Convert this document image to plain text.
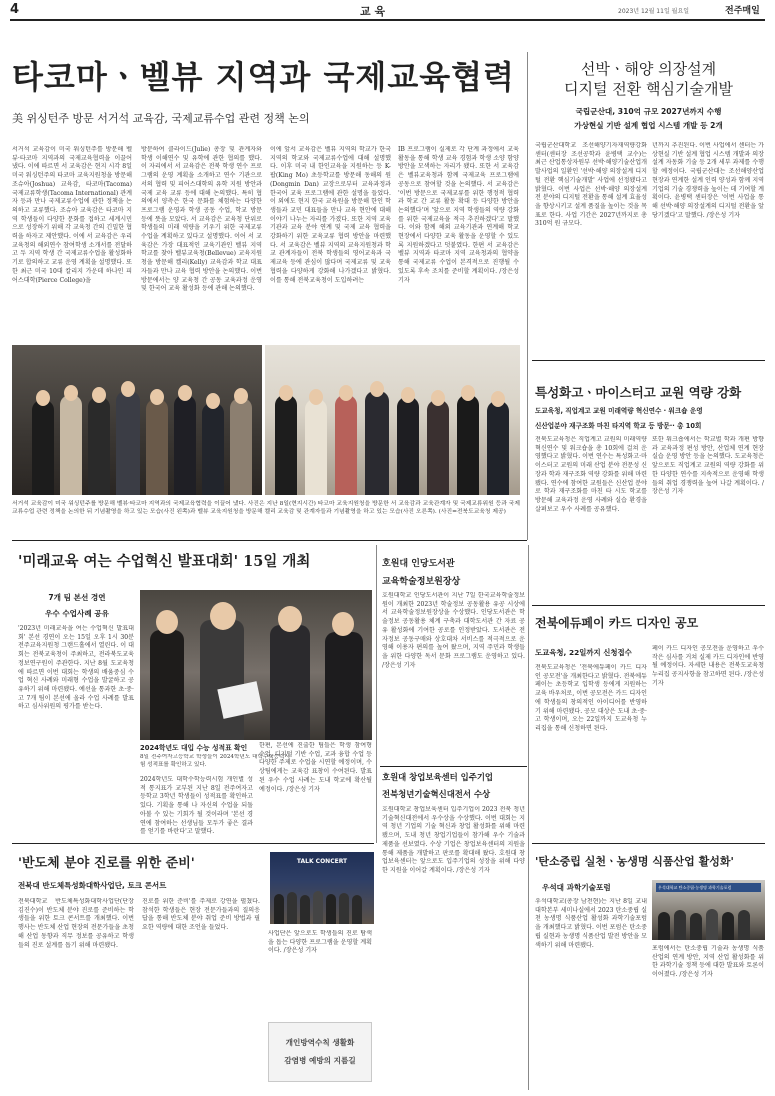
4	교 육	2023년 12월 11일 월요일	전주매일
타코마ㆍ벨뷰 지역과 국제교육협력
美 위싱턴주 방문 서거석 교육감, 국제교류수업 관련 정책 논의
서거석 교육감이 미국 워싱턴주를 방문해 벨뷰·타코마 지역과의 국제교육협력을 이끌어 냈다. 이에 따르면 서 교육감은 현지 시각 8일 미국 워싱턴주의 타코마 교육지원청을 방문해 조슈아(Joshua) 교육감, 타코마(Tacoma) 국제교류학생(Tacoma International) 관계자 등과 만나 국제교류수업에 관한 정책을 논의하고 교류했다. 조슈아 교육감은 타코마 지역 학생들이 다양한 문화를 접하고 세계시민으로 성장하기 위해 각 교육청 간의 긴밀한 협력을 하자고 제안했다. 이에 서 교육감은 우리 교육청의 해외연수 참여학생 소개서를 전달하고 두 지역 학생 간 국제교류수업을 활성화하기로 합의하고 교류 운영 계획을 설명했다. 또한 최근 미국 10대 칼리지 가운데 하나인 피어스대학(Pierce College)을
방문하여 클라이드(Julie) 총장 및 관계자와 학생 이해연수 및 유학에 관한 협의를 했다. 이 자리에서 서 교육감은 전북 학생 연수 프로그램의 운영 계획을 소개하고 연수 기관으로서의 협력 및 피어스대학의 유학 지원 방안과 국제 교육 교류 등에 대해 논의했다. 특히 협의에서 양측은 한국 문화를 체험하는 다양한 프로그램 운영과 학생 공동 수업, 학교 방문 등에 뜻을 모았다. 서 교육감은 교육청 단위로 학생들의 미래 역량을 키우기 위한 국제교류수업을 계획하고 있다고 설명했다. 이어 서 교육감은 가장 대표적인 교육기관인 벨뷰 지역 학교를 찾아 벨뷰교육청(Bellevue) 교육지원청을 방문해 켈리(Kelly) 교육감과 학교 대표자들과 만나 교육 협력 방안을 논의했다. 이번 방문에서는 양 교육청 간 공동 교육과정 운영 및 한국어 교육 활성화 등에 관해 논의했다.
이에 앞서 교육감은 벨뷰 지역의 학교가 한국 지역의 학교와 국제교류수업에 대해 설명했다. 이후 미국 내 한인교육을 지원하는 등 K-팝(King Mo) 초등학교를 방문해 동해의 원(Dongmin Dan) 교장으로부터 교육과정과 한국어 교육 프로그램에 관한 설명을 들었다. 이 외에도 현지 한국 교육원을 방문해 한인 학생들과 교민 대표들을 만나 교육 현안에 대해 이야기 나누는 자리를 가졌다. 또한 지역 교육기관과 교육 분야 연계 및 국제 교육 협력을 강화하기 위한 교육교류 협력 방안을 마련했다. 서 교육감은 벨뷰 지역의 교육지원청과 학교 관계자들이 전북 학생들의 영어교육과 국제교육 등에 관심이 많다며 국제교류 및 교육 협력을 다양하게 강화해 나가겠다고 밝혔다. 이를 통해 전북교육청이 도입하려는
IB 프로그램이 실제로 각 단계 과정에서 교육활동을 통해 학생 교육 경험과 학생 소양 함양 방안을 모색하는 자리가 됐다. 또한 서 교육감은 벨뷰교육청과 함께 국제교육 프로그램에 공동으로 참여할 것을 논의했다. 서 교육감은 '이번 방문으로 국제교류를 위한 행정적 협력과 학교 간 교류 활동 확대 등 다양한 방안을 논의했다'며 '앞으로 지역 학생들의 역량 강화를 위한 국제교육을 적극 추진하겠다'고 말했다. 이와 함께 해외 교육기관과 연계해 학교 현장에서 다양한 교육 활동을 운영할 수 있도록 지원하겠다고 덧붙였다. 한편 서 교육감은 벨뷰 지역과 타코마 지역 교육청과의 협약을 통해 국제교류 수업이 본격적으로 진행될 수 있도록 후속 조치를 준비할 계획이다. /장은성 기자
서거석 교육감이 미국 워싱턴주를 방문해 벨뷰·타코마 지역과의 국제교육협력을 이끌어 냈다. 사진은 지난 8일(현지시간) 타코마 교육지원청을 방문한 서 교육감과 교육관계자 및 국제교류위원 등과 국제교류수업 관련 정책을 논의한 뒤 기념촬영을 하고 있는 모습(사진 왼쪽)과 벨뷰 교육지원청을 방문해 켈리 교육감 및 관계자들과 기념촬영을 하고 있는 모습(사진 오른쪽). (사진=전북도교육청 제공)
선박ㆍ해양 의장설계
디지털 전환 핵심기술개발
국립군산대, 310억 규모 2027년까지 수행
가상현실 기반 설계 협업 시스템 개발 등 2개
국립군산대학교 조선해양기자재역량강화센터(센터장 조선공학과 윤병택 교수)는 최근 산업통상자원부 선박·해양기술산업개발사업의 일환인 '선박·해양 의장설계 디지털 전환 핵심기술개발' 사업에 선정됐다고 밝혔다. 이번 사업은 선박·해양 의장설계 전 분야의 디지털 전환을 통해 설계 효율성을 향상시키고 설계 품질을 높이는 것을 목표로 한다. 사업 기간은 2027년까지로 총 310억 원 규모다.
년까지 추진된다. 이번 사업에서 센터는 가상현실 기반 설계 협업 시스템 개발과 의장설계 자동화 기술 등 2개 세부 과제를 수행할 예정이다. 국립군산대는 조선해양산업 현장과 연계한 설계 인력 양성과 함께 지역 기업의 기술 경쟁력을 높이는 데 기여할 계획이다. 윤병택 센터장은 '이번 사업을 통해 선박·해양 의장설계의 디지털 전환을 앞당기겠다'고 말했다. /장은성 기자
특성화고ㆍ마이스터고 교원 역량 강화
도교육청, 직업계고 교원 미래역량 혁신연수 · 워크숍 운영
신산업분야 재구조화 마친 타지역 학교 등 방문·· 총 10회
전북도교육청은 직업계고 교원의 미래역량 혁신연수 및 워크숍을 총 10회에 걸쳐 운영했다고 밝혔다. 이번 연수는 특성화고·마이스터고 교원의 미래 산업 분야 전문성 신장과 학과 재구조화 역량 강화를 위해 마련됐다. 연수에 참여한 교원들은 신산업 분야로 학과 재구조화를 마친 타 시도 학교를 방문해 교육과정 운영 사례와 실습 환경을 살펴보고 우수 사례를 공유했다.
또한 워크숍에서는 학교별 학과 개편 방향과 교육과정 편성 방안, 산업체 연계 현장실습 운영 방안 등을 논의했다. 도교육청은 앞으로도 직업계고 교원의 역량 강화를 위한 다양한 연수를 지속적으로 운영해 학생들의 취업 경쟁력을 높여 나갈 계획이다. /장은성 기자
'미래교육 여는 수업혁신 발표대회' 15일 개최
7개 팀 본선 경연
우수 수업사례 공유
'2023년 미래교육을 여는 수업혁신 발표대회' 본선 경연이 오는 15일 오후 1시 30분 전주교육지원청 그랜드홀에서 열린다. 이 대회는 전북교육청이 주최하고, 전라북도교육정보연구원이 주관한다. 지난 8월 도교육청에 따르면 이번 대회는 학생의 배움중심 수업 혁신 사례와 미래형 수업을 발굴하고 공유하기 위해 마련됐다. 예선을 통과한 초·중·고 7개 팀이 본선에 올라 수업 사례를 발표하고 심사위원의 평가를 받는다.
2024학년도 대입 수능 성적표 확인
8일 전주여자고등학교 학생들이 2024학년도 대학수학능력시험 성적표를 확인하고 있다.
2024학년도 대학수학능력시험 개인별 성적 통지표가 교부된 지난 8일 전주여자고등학교 3학년 학생들이 성적표를 확인하고 있다. 기획을 통해 나 자신의 수업을 되돌아볼 수 있는 기회가 될 것이라며 '본선 경연에 참여하는 선생님들 모두가 좋은 결과를 얻기를 바란다'고 말했다.
한편, 본선에 진출한 팀들은 학생 참여형 수업, 디지털 기반 수업, 교과 융합 수업 등 다양한 주제로 수업을 시연할 예정이며, 수상팀에게는 교육감 표창이 수여된다. 발표된 우수 수업 사례는 도내 학교에 확산될 예정이다. /장은성 기자
호원대 인당도서관
교육학술정보원장상
호원대학교 인당도서관이 지난 7일 한국교육학술정보원이 개최한 2023년 학술정보 공동활용 유공 시상에서 교육학술정보원장상을 수상했다. 인당도서관은 학술정보 공동활용 체계 구축과 대학도서관 간 자료 공유 활성화에 기여한 공로를 인정받았다. 도서관은 전자정보 공동구매와 상호대차 서비스를 적극적으로 운영해 이용자 편의를 높여 왔으며, 지역 주민과 학생들을 위한 다양한 독서 문화 프로그램도 운영하고 있다. /장은성 기자
호원대 창업보육센터 입주기업
전북청년기술혁신대전서 수상
호원대학교 창업보육센터 입주기업이 2023 전북 청년기술혁신대전에서 우수상을 수상했다. 이번 대회는 지역 청년 기업의 기술 혁신과 창업 활성화를 위해 마련됐으며, 도내 청년 창업기업들이 참가해 우수 기술과 제품을 선보였다. 수상 기업은 창업보육센터의 지원을 통해 제품을 개발하고 판로를 확대해 왔다. 호원대 창업보육센터는 앞으로도 입주기업의 성장을 위해 다양한 지원을 이어갈 계획이다. /장은성 기자
전북에듀페이 카드 디자인 공모
도교육청, 22일까지 신청접수
전북도교육청은 '전북에듀페이 카드 디자인 공모전'을 개최한다고 밝혔다. 전북에듀페이는 초등학교 입학생 등에게 지원하는 교육 바우처로, 이번 공모전은 카드 디자인에 학생들의 창의적인 아이디어를 반영하기 위해 마련됐다. 공모 대상은 도내 초·중·고 학생이며, 오는 22일까지 도교육청 누리집을 통해 신청하면 된다.
페이 카드 디자인 공모전을 운영하고 우수작은 심사를 거쳐 실제 카드 디자인에 반영될 예정이다. 자세한 내용은 전북도교육청 누리집 공지사항을 참고하면 된다. /장은성 기자
'탄소중립 실천ㆍ농생명 식품산업 활성화'
우석대 과학기술포럼
우석대학교(총장 남천현)는 지난 8일 교내 대학본부 세미나실에서 2023 탄소중립 실천 농생명 식품산업 활성화 과학기술포럼을 개최했다고 밝혔다. 이번 포럼은 탄소중립 실현과 농생명 식품산업 발전 방안을 모색하기 위해 마련됐다.
우석대학교 탄소중립·농생명 과학기술포럼
포럼에서는 탄소중립 기술과 농생명 식품산업의 연계 방안, 지역 산업 활성화를 위한 과학기술 정책 등에 대한 발표와 토론이 이어졌다. /장은성 기자
'반도체 분야 진로를 위한 준비'
전북대 반도체특성화대학사업단, 토크 콘서트
TALK CONCERT
전북대학교 반도체특성화대학사업단(단장 김진수)이 반도체 분야 진로를 준비하는 학생들을 위한 토크 콘서트를 개최했다. 이번 행사는 반도체 산업 현장의 전문가들을 초청해 산업 동향과 직무 정보를 공유하고 학생들의 진로 설계를 돕기 위해 마련됐다.
진로를 위한 준비'를 주제로 강연을 펼쳤다. 참석한 학생들은 현장 전문가들과의 질의응답을 통해 반도체 분야 취업 준비 방법과 필요한 역량에 대한 조언을 들었다.
사업단은 앞으로도 학생들의 진로 탐색을 돕는 다양한 프로그램을 운영할 계획이다. /장은성 기자
개인방역수칙 생활화
감염병 예방의 지름길
